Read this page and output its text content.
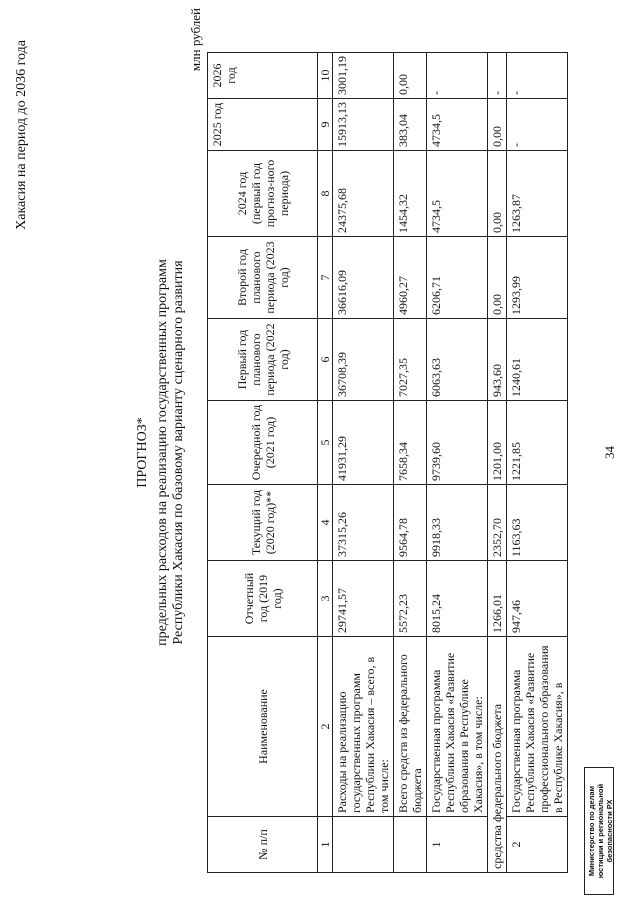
Хакасия на период до 2036 года
ПРОГНОЗ* предельных расходов на реализацию государственных программ Республики Хакасия по базовому варианту сценарного развития
млн рублей
№ п/п	Наименование	Отчетный год (2019 год)	Текущий год (2020 год)**	Очередной год (2021 год)	Первый год планового периода (2022 год)	Второй год планового периода (2023 год)	2024 год (первый год прогноз-ного периода)	2025 год	2026 год
1	2	3	4	5	6	7	8	9	10
	Расходы на реализацию государственных программ Республики Хакасия – всего, в том числе:	29741,57	37315,26	41931,29	36708,39	36616,09	24375,68	15913,13	3001,19
	Всего средств из федерального бюджета	5572,23	9564,78	7658,34	7027,35	4960,27	1454,32	383,04	0,00
1	Государственная программа Республики Хакасия «Развитие образования в Республике Хакасия», в том числе:	8015,24	9918,33	9739,60	6063,63	6206,71	4734,5	4734,5	-
средства федерального бюджета		1266,01	2352,70	1201,00	943,60	0,00	0,00	0,00	-
2	Государственная программа Республики Хакасия «Развитие профессионального образования в Республике Хакасия», в	947,46	1163,63	1221,85	1240,61	1293,99	1263,87	-	-
34
Министерство по делам юстиции и региональной безопасности РХ
